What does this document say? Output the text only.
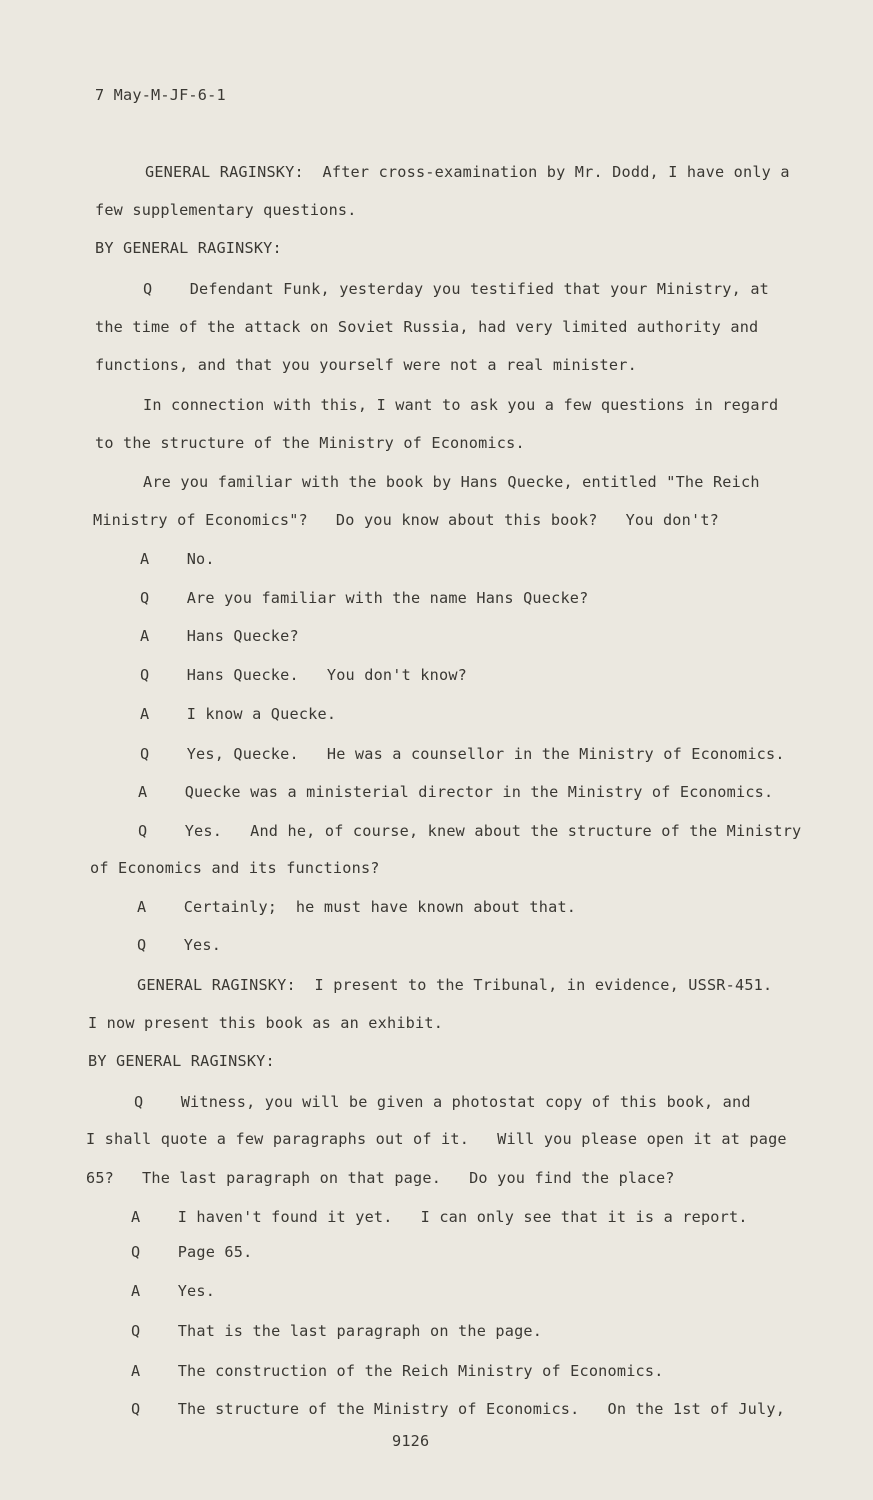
7 May-M-JF-6-1
GENERAL RAGINSKY:  After cross-examination by Mr. Dodd, I have only a
few supplementary questions.
BY GENERAL RAGINSKY:
Q    Defendant Funk, yesterday you testified that your Ministry, at
the time of the attack on Soviet Russia, had very limited authority and
functions, and that you yourself were not a real minister.
In connection with this, I want to ask you a few questions in regard
to the structure of the Ministry of Economics.
Are you familiar with the book by Hans Quecke, entitled "The Reich
Ministry of Economics"?   Do you know about this book?   You don't?
A    No.
Q    Are you familiar with the name Hans Quecke?
A    Hans Quecke?
Q    Hans Quecke.   You don't know?
A    I know a Quecke.
Q    Yes, Quecke.   He was a counsellor in the Ministry of Economics.
A    Quecke was a ministerial director in the Ministry of Economics.
Q    Yes.   And he, of course, knew about the structure of the Ministry
of Economics and its functions?
A    Certainly;  he must have known about that.
Q    Yes.
GENERAL RAGINSKY:  I present to the Tribunal, in evidence, USSR-451.
I now present this book as an exhibit.
BY GENERAL RAGINSKY:
Q    Witness, you will be given a photostat copy of this book, and
I shall quote a few paragraphs out of it.   Will you please open it at page
65?   The last paragraph on that page.   Do you find the place?
A    I haven't found it yet.   I can only see that it is a report.
Q    Page 65.
A    Yes.
Q    That is the last paragraph on the page.
A    The construction of the Reich Ministry of Economics.
Q    The structure of the Ministry of Economics.   On the 1st of July,
9126
